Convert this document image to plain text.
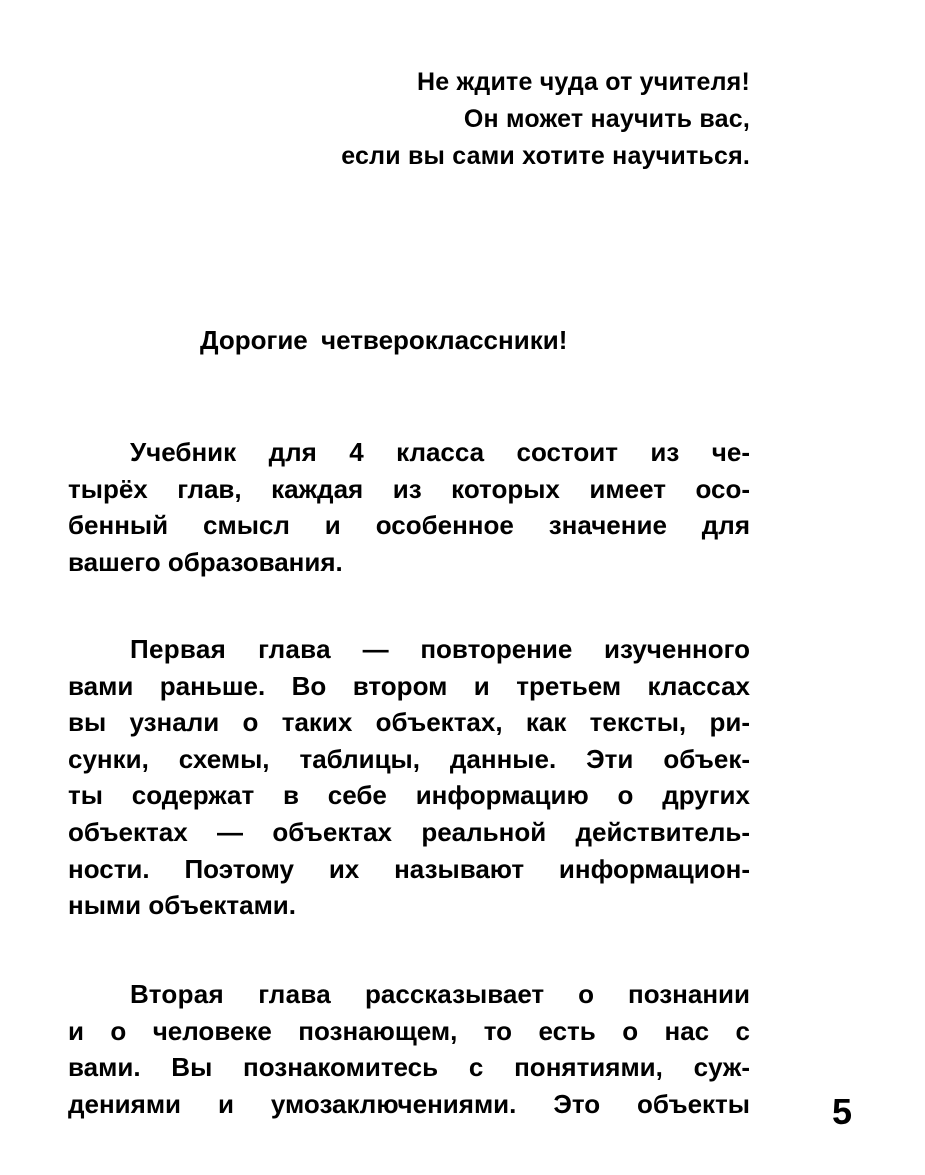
Не ждите чуда от учителя!
Он может научить вас,
если вы сами хотите научиться.
Дорогие четвероклассники!
Учебник для 4 класса состоит из че-
тырёх глав, каждая из которых имеет осо-
бенный смысл и особенное значение для
вашего образования.
Первая глава — повторение изученного
вами раньше. Во втором и третьем классах
вы узнали о таких объектах, как тексты, ри-
сунки, схемы, таблицы, данные. Эти объек-
ты содержат в себе информацию о других
объектах — объектах реальной действитель-
ности. Поэтому их называют информацион-
ными объектами.
Вторая глава рассказывает о познании
и о человеке познающем, то есть о нас с
вами. Вы познакомитесь с понятиями, суж-
дениями и умозаключениями. Это объекты 5
